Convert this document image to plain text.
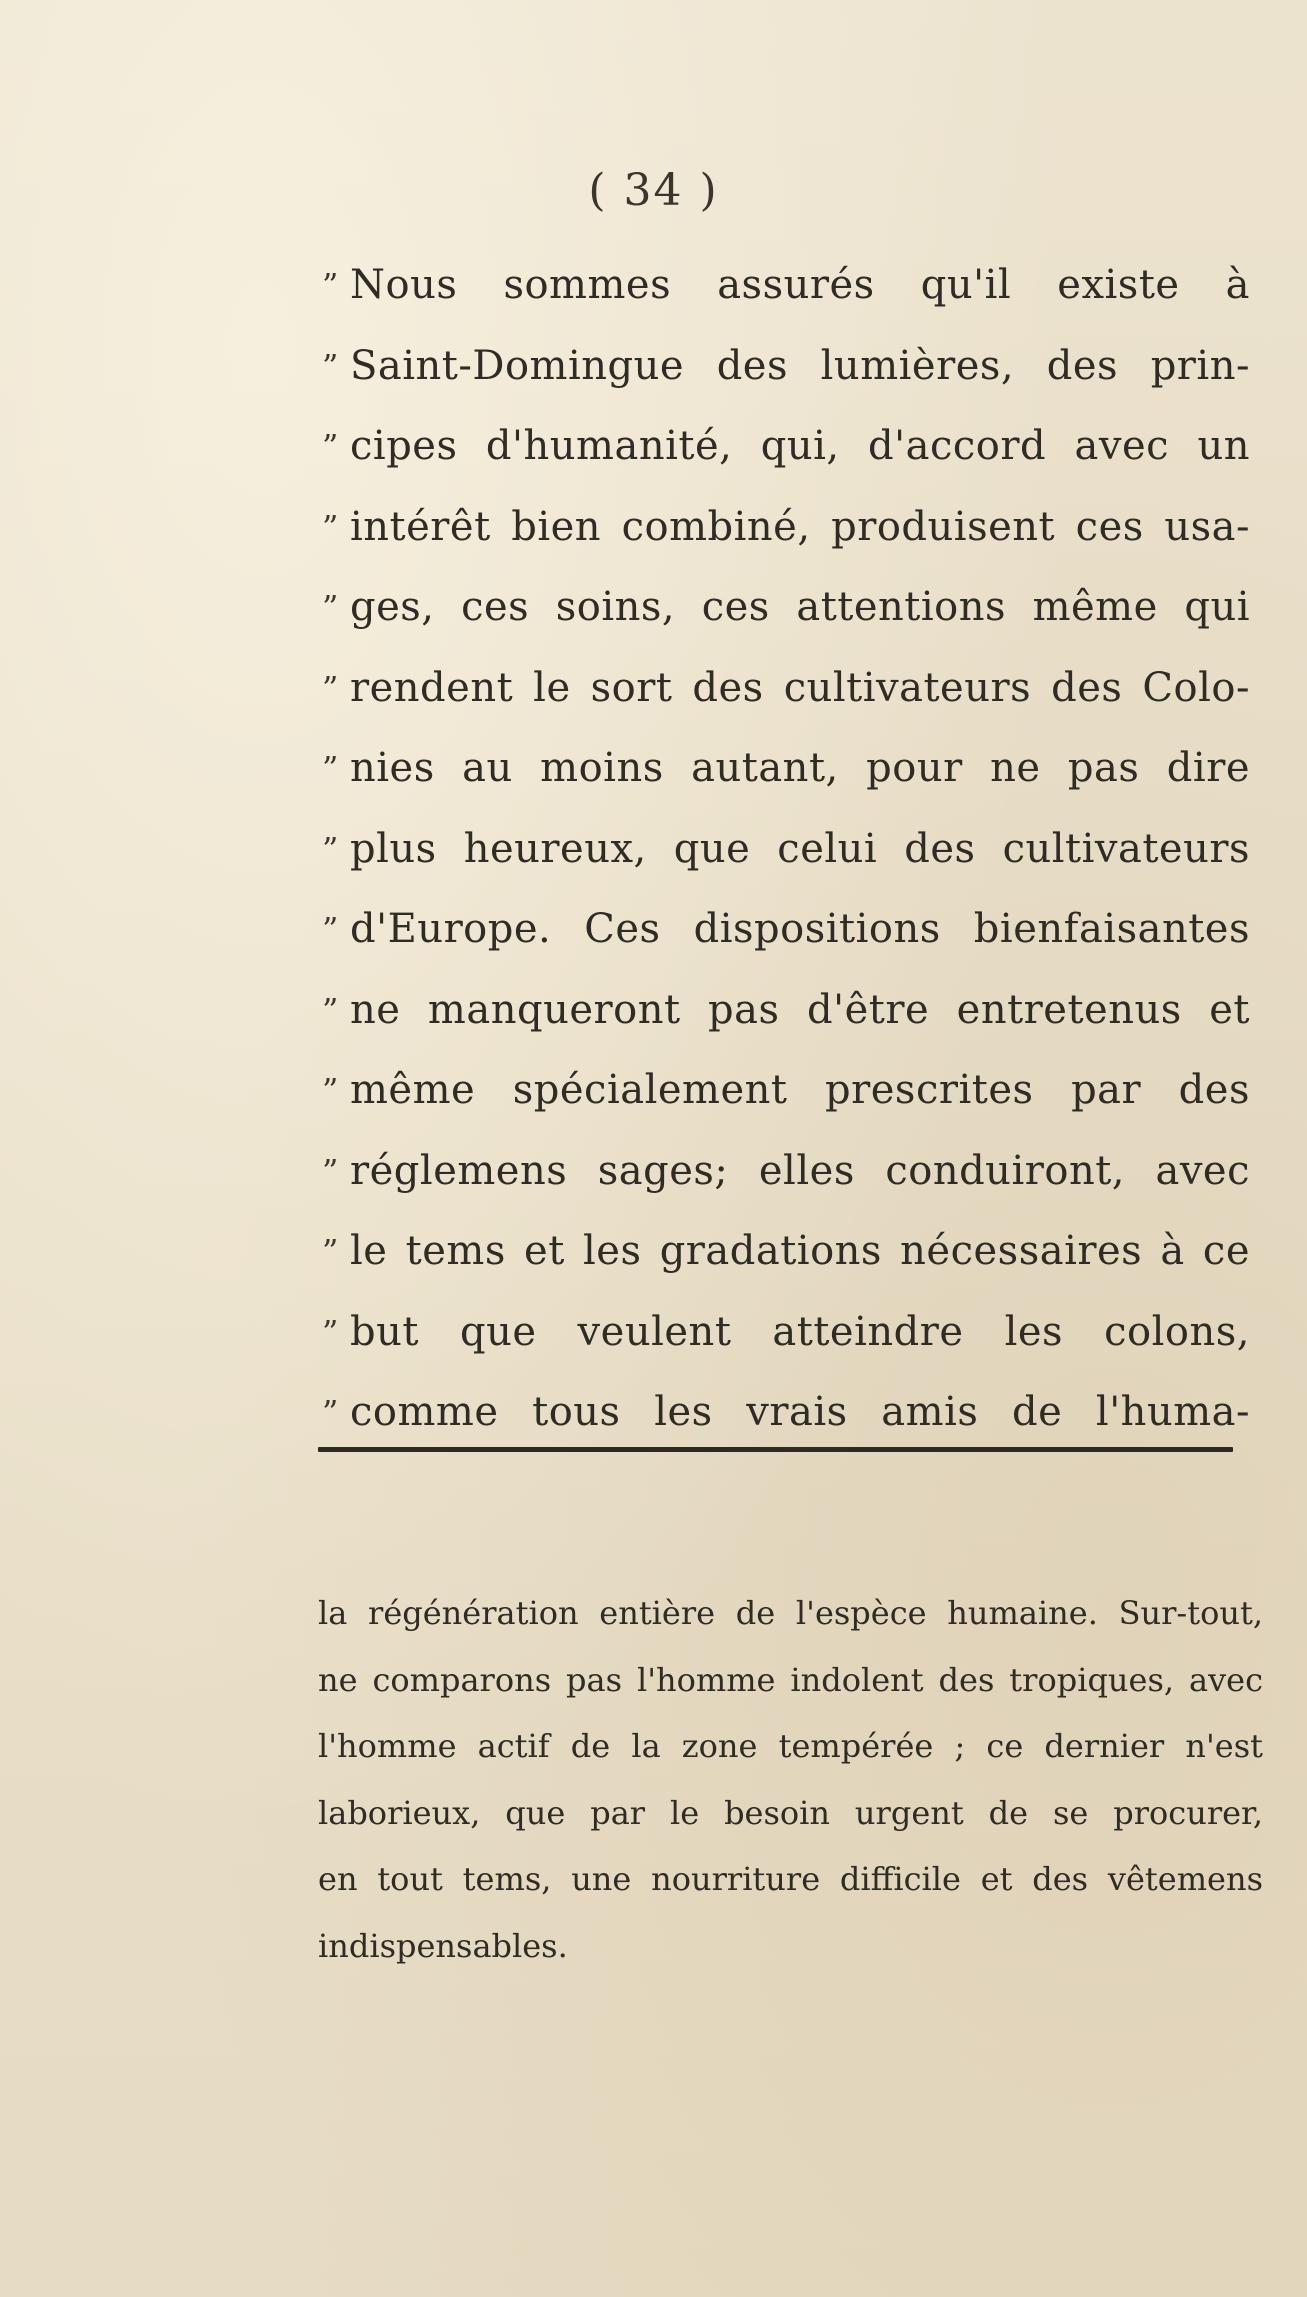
( 34 )
” Nous sommes assurés qu'il existe à
” Saint-Domingue des lumières, des prin-
” cipes d'humanité, qui, d'accord avec un
” intérêt bien combiné, produisent ces usa-
” ges, ces soins, ces attentions même qui
” rendent le sort des cultivateurs des Colo-
” nies au moins autant, pour ne pas dire
” plus heureux, que celui des cultivateurs
” d'Europe. Ces dispositions bienfaisantes
” ne manqueront pas d'être entretenus et
” même spécialement prescrites par des
” réglemens sages; elles conduiront, avec
” le tems et les gradations nécessaires à ce
” but que veulent atteindre les colons,
” comme tous les vrais amis de l'huma-
la régénération entière de l'espèce humaine. Sur-tout,
ne comparons pas l'homme indolent des tropiques, avec
l'homme actif de la zone tempérée ; ce dernier n'est
laborieux, que par le besoin urgent de se procurer,
en tout tems, une nourriture difficile et des vêtemens
indispensables.
